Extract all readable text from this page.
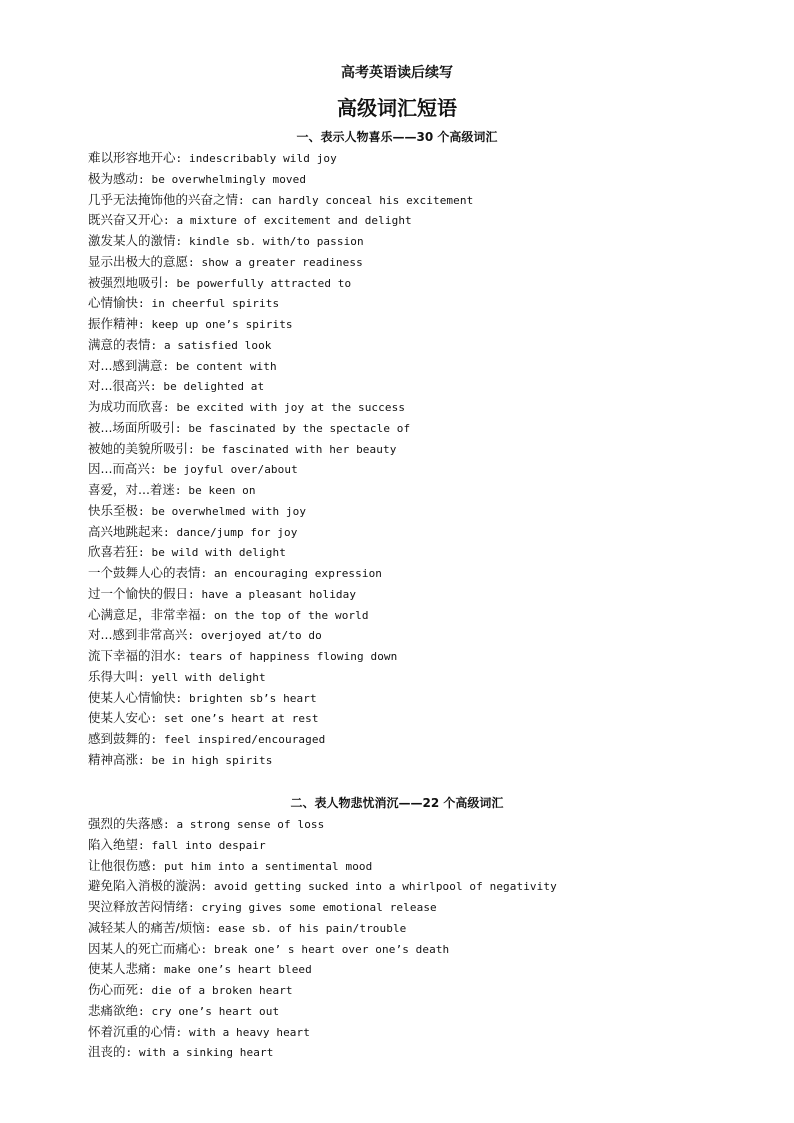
高考英语读后续写
高级词汇短语
一、表示人物喜乐——30 个高级词汇
难以形容地开心: indescribably wild joy
极为感动: be overwhelmingly moved
几乎无法掩饰他的兴奋之情: can hardly conceal his excitement
既兴奋又开心: a mixture of excitement and delight
激发某人的激情: kindle sb. with/to passion
显示出极大的意愿: show a greater readiness
被强烈地吸引: be powerfully attracted to
心情愉快: in cheerful spirits
振作精神: keep up one’s spirits
满意的表情: a satisfied look
对...感到满意: be content with
对...很高兴: be delighted at
为成功而欣喜: be excited with joy at the success
被...场面所吸引: be fascinated by the spectacle of
被她的美貌所吸引: be fascinated with her beauty
因...而高兴: be joyful over/about
喜爱，对...着迷: be keen on
快乐至极: be overwhelmed with joy
高兴地跳起来: dance/jump for joy
欣喜若狂: be wild with delight
一个鼓舞人心的表情: an encouraging expression
过一个愉快的假日: have a pleasant holiday
心满意足，非常幸福: on the top of the world
对...感到非常高兴: overjoyed at/to do
流下幸福的泪水: tears of happiness flowing down
乐得大叫: yell with delight
使某人心情愉快: brighten sb’s heart
使某人安心: set one’s heart at rest
感到鼓舞的: feel inspired/encouraged
精神高涨: be in high spirits
二、表人物悲忧消沉——22 个高级词汇
强烈的失落感: a strong sense of loss
陷入绝望: fall into despair
让他很伤感: put him into a sentimental mood
避免陷入消极的漩涡: avoid getting sucked into a whirlpool of negativity
哭泣释放苦闷情绪: crying gives some emotional release
减轻某人的痛苦/烦恼: ease sb. of his pain/trouble
因某人的死亡而痛心: break one’ s heart over one’s death
使某人悲痛: make one’s heart bleed
伤心而死: die of a broken heart
悲痛欲绝: cry one’s heart out
怀着沉重的心情: with a heavy heart
沮丧的: with a sinking heart
